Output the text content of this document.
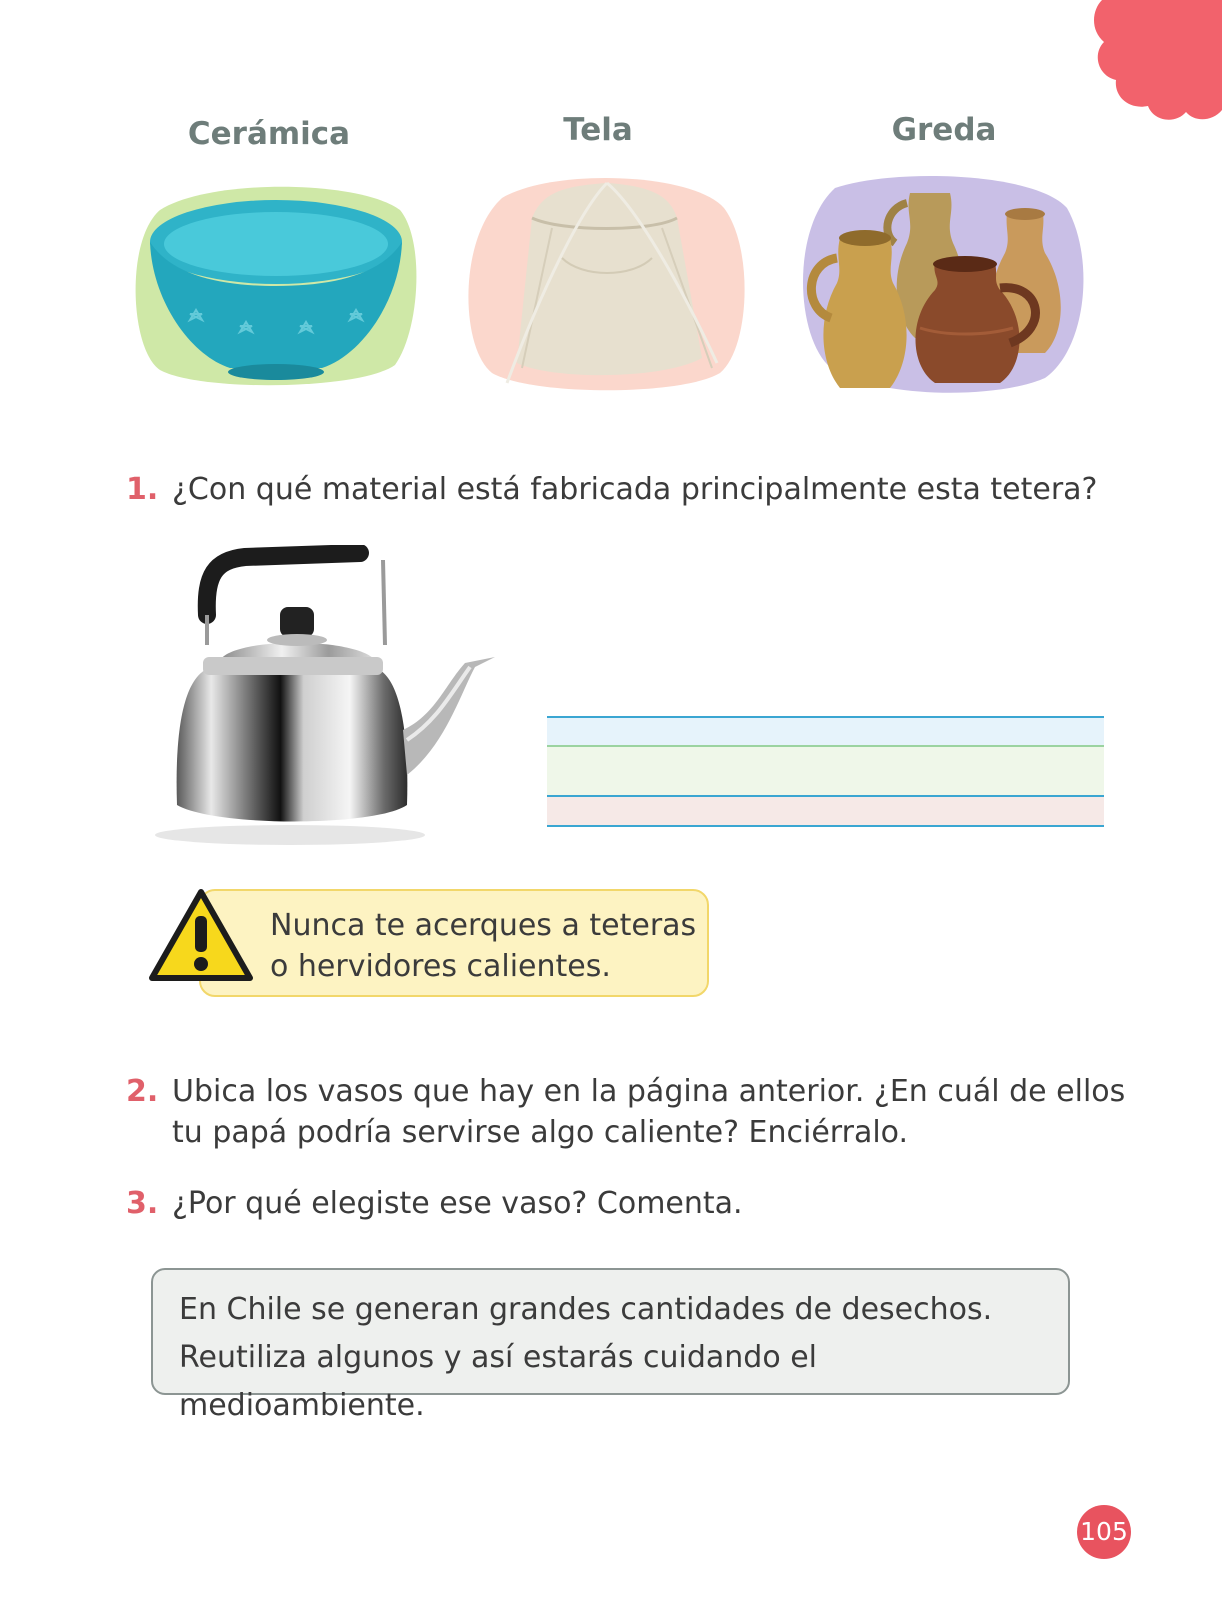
Cerámica	Tela	Greda
1. ¿Con qué material está fabricada principalmente esta tetera?
Nunca te acerques a teteras
o hervidores calientes.
2. Ubica los vasos que hay en la página anterior. ¿En cuál de ellos
tu papá podría servirse algo caliente? Enciérralo.
3. ¿Por qué elegiste ese vaso? Comenta.
En Chile se generan grandes cantidades de desechos.
Reutiliza algunos y así estarás cuidando el medioambiente.
105
